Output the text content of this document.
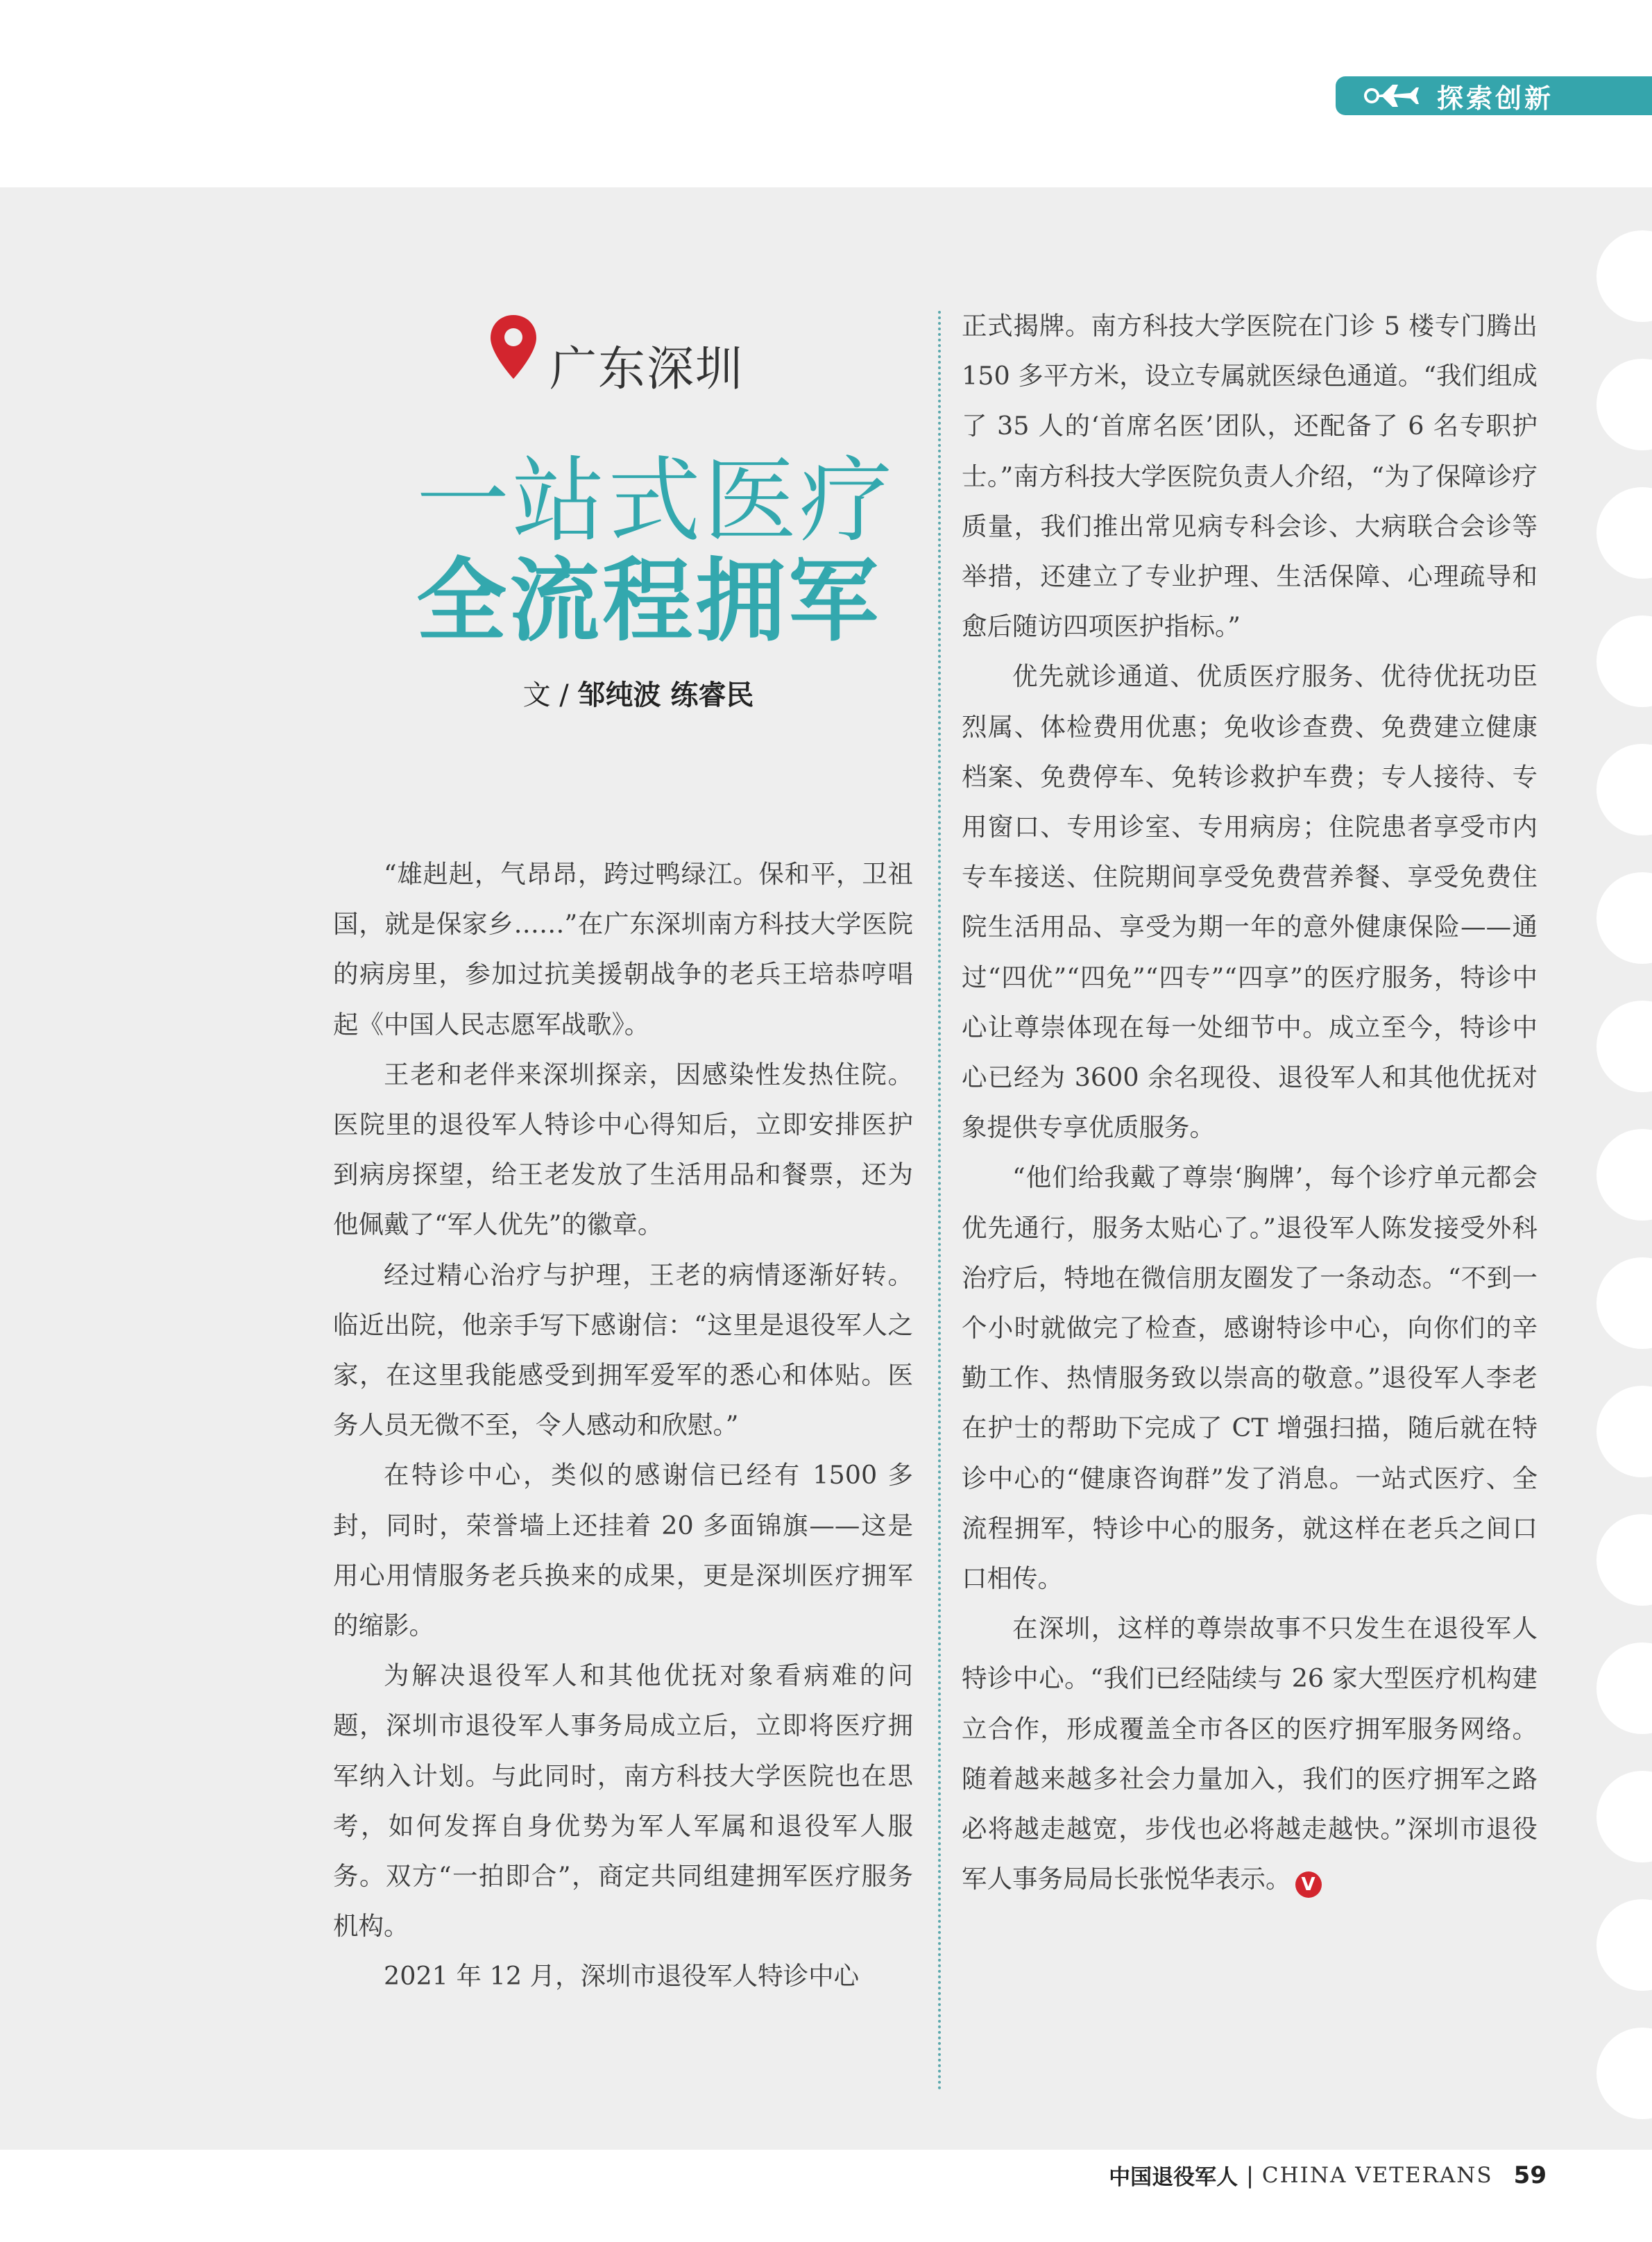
探索创新
广东深圳
一站式医疗
全流程拥军
文 / 邹纯波 练睿民

“雄赳赳，气昂昂，跨过鸭绿江。保和平，卫祖国，就是保家乡……”在广东深圳南方科技大学医院的病房里，参加过抗美援朝战争的老兵王培恭哼唱起《中国人民志愿军战歌》。

王老和老伴来深圳探亲，因感染性发热住院。医院里的退役军人特诊中心得知后，立即安排医护到病房探望，给王老发放了生活用品和餐票，还为他佩戴了“军人优先”的徽章。

经过精心治疗与护理，王老的病情逐渐好转。临近出院，他亲手写下感谢信：“这里是退役军人之家，在这里我能感受到拥军爱军的悉心和体贴。医务人员无微不至，令人感动和欣慰。”

在特诊中心，类似的感谢信已经有 1500 多封，同时，荣誉墙上还挂着 20 多面锦旗——这是用心用情服务老兵换来的成果，更是深圳医疗拥军的缩影。

为解决退役军人和其他优抚对象看病难的问题，深圳市退役军人事务局成立后，立即将医疗拥军纳入计划。与此同时，南方科技大学医院也在思考，如何发挥自身优势为军人军属和退役军人服务。双方“一拍即合”，商定共同组建拥军医疗服务机构。

2021 年 12 月，深圳市退役军人特诊中心

正式揭牌。南方科技大学医院在门诊 5 楼专门腾出 150 多平方米，设立专属就医绿色通道。“我们组成了 35 人的‘首席名医’团队，还配备了 6 名专职护士。”南方科技大学医院负责人介绍，“为了保障诊疗质量，我们推出常见病专科会诊、大病联合会诊等举措，还建立了专业护理、生活保障、心理疏导和愈后随访四项医护指标。”

优先就诊通道、优质医疗服务、优待优抚功臣烈属、体检费用优惠；免收诊查费、免费建立健康档案、免费停车、免转诊救护车费；专人接待、专用窗口、专用诊室、专用病房；住院患者享受市内专车接送、住院期间享受免费营养餐、享受免费住院生活用品、享受为期一年的意外健康保险——通过“四优”“四免”“四专”“四享”的医疗服务，特诊中心让尊崇体现在每一处细节中。成立至今，特诊中心已经为 3600 余名现役、退役军人和其他优抚对象提供专享优质服务。

“他们给我戴了尊崇‘胸牌’，每个诊疗单元都会优先通行，服务太贴心了。”退役军人陈发接受外科治疗后，特地在微信朋友圈发了一条动态。“不到一个小时就做完了检查，感谢特诊中心，向你们的辛勤工作、热情服务致以崇高的敬意。”退役军人李老在护士的帮助下完成了 CT 增强扫描，随后就在特诊中心的“健康咨询群”发了消息。一站式医疗、全流程拥军，特诊中心的服务，就这样在老兵之间口口相传。

在深圳，这样的尊崇故事不只发生在退役军人特诊中心。“我们已经陆续与 26 家大型医疗机构建立合作，形成覆盖全市各区的医疗拥军服务网络。随着越来越多社会力量加入，我们的医疗拥军之路必将越走越宽，步伐也必将越走越快。”深圳市退役军人事务局局长张悦华表示。 V

中国退役军人 | CHINA VETERANS 59
